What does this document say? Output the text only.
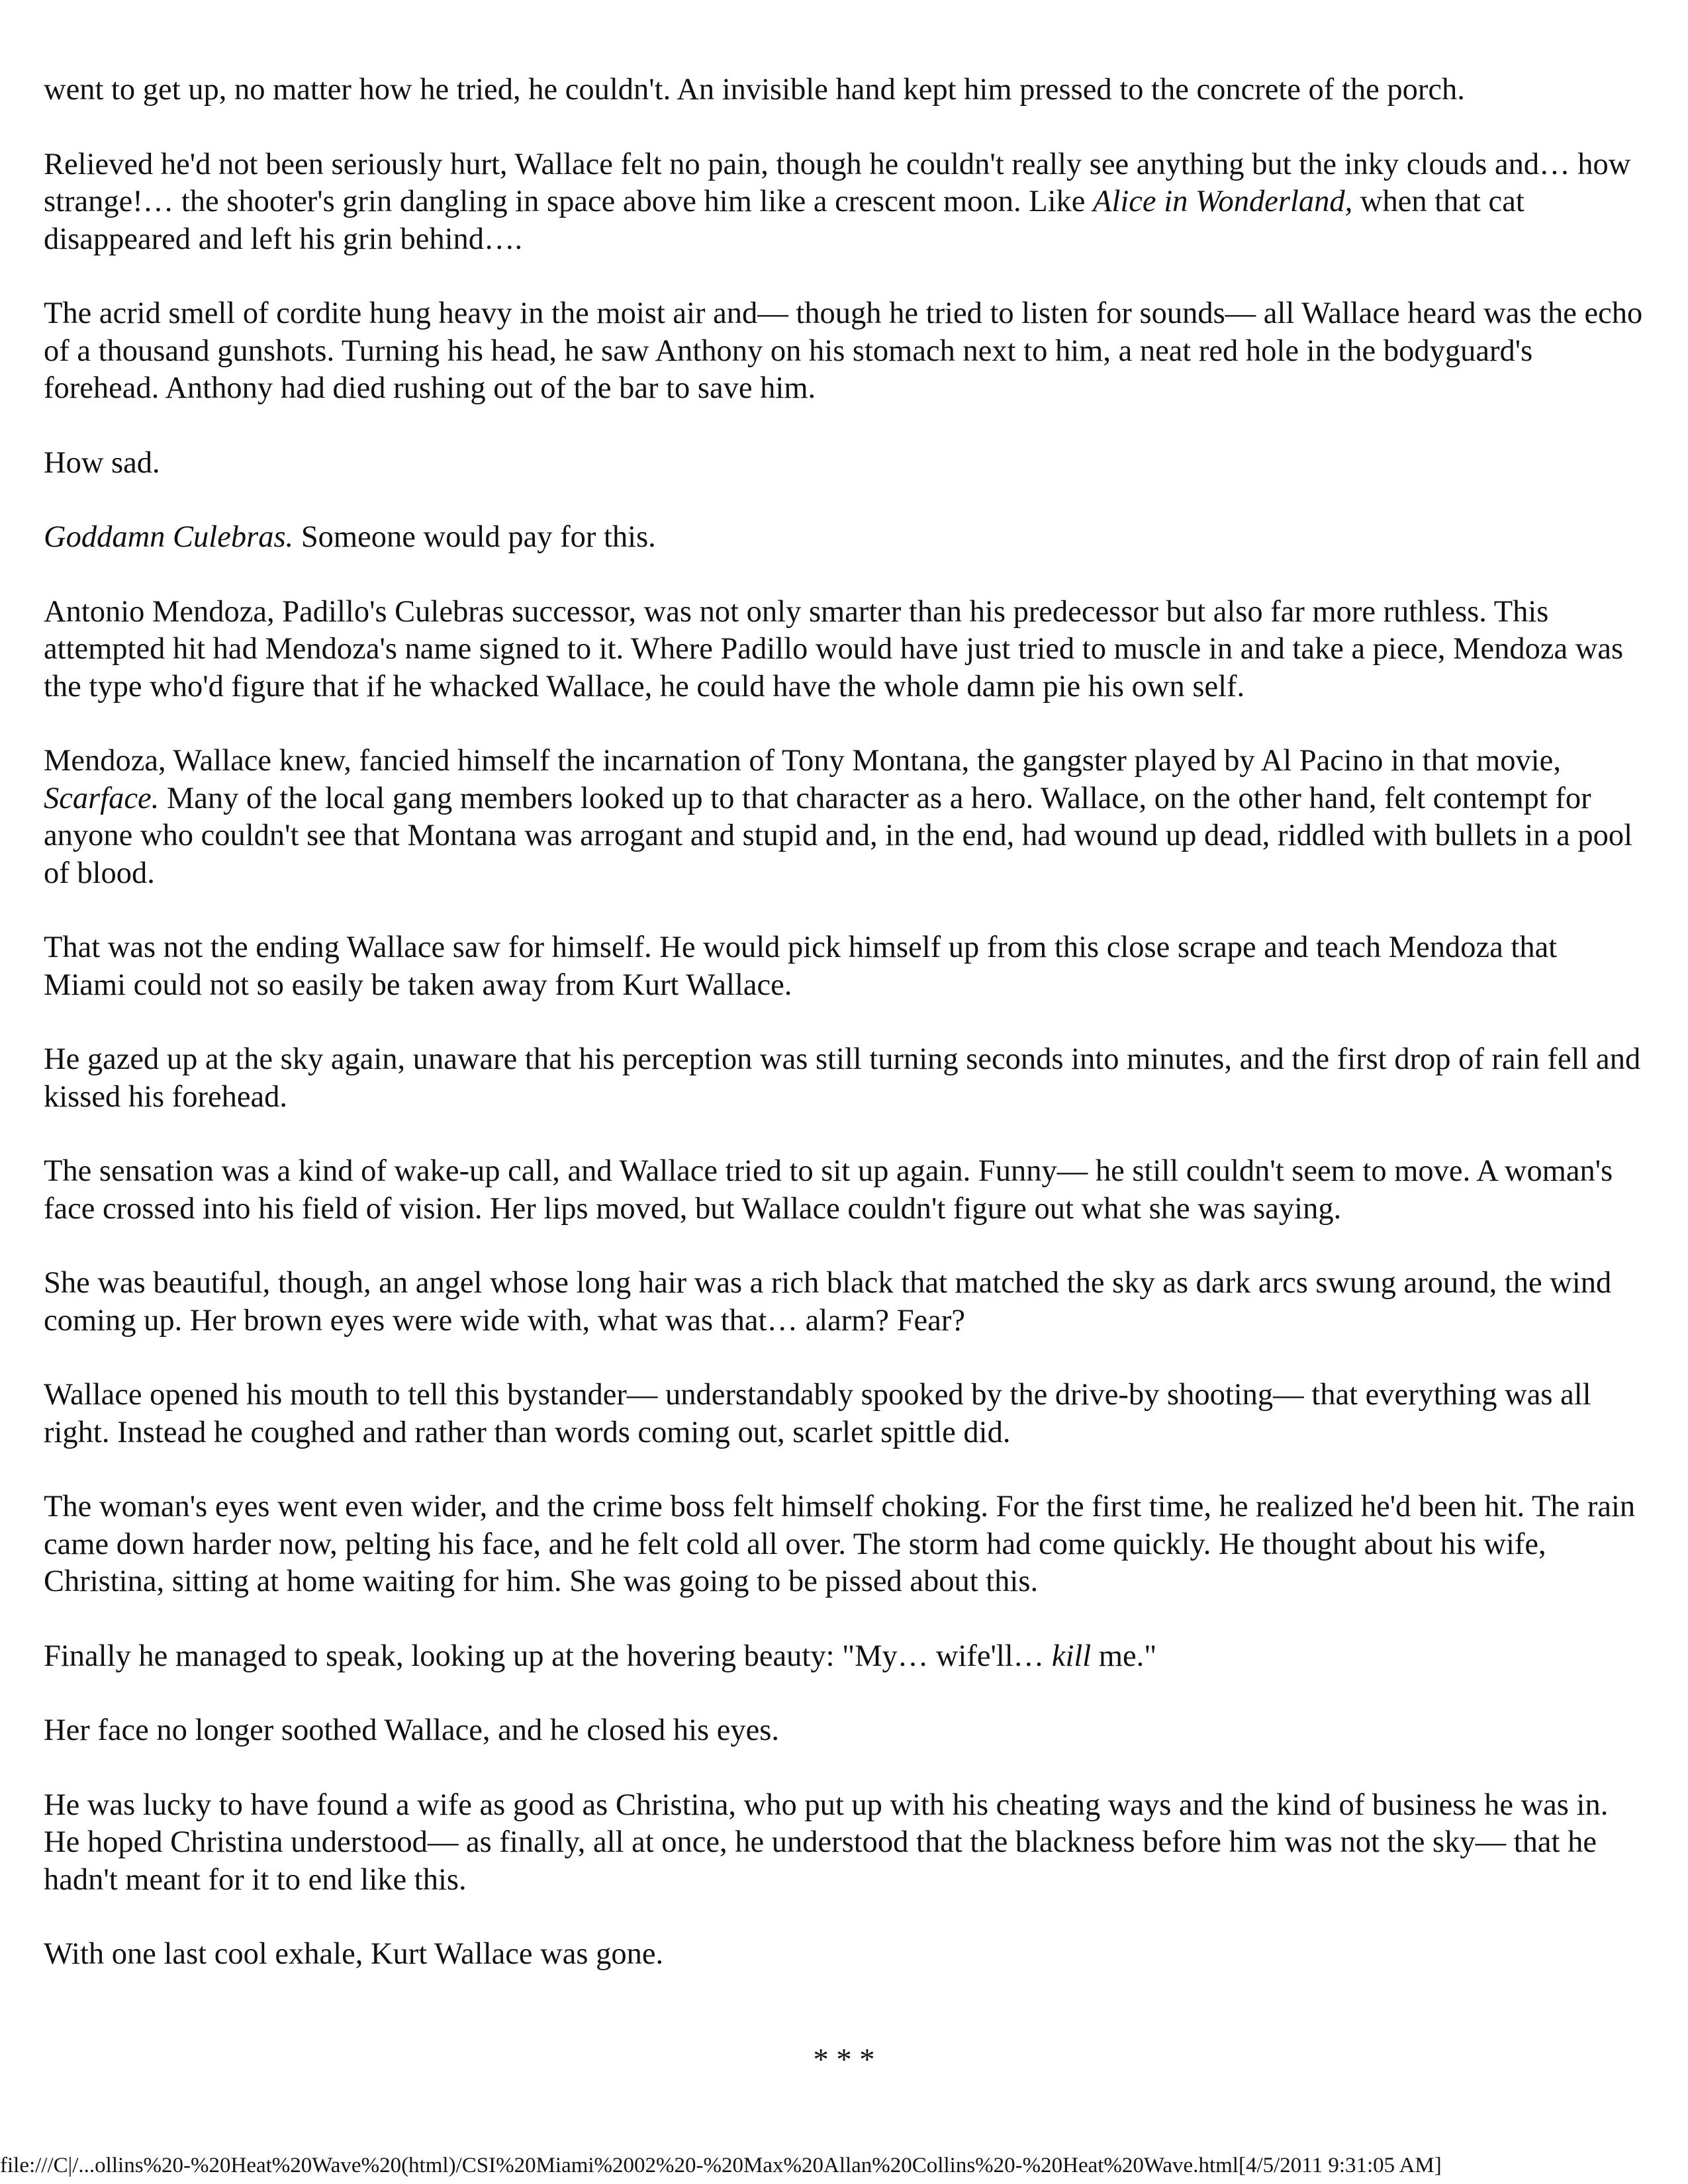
went to get up, no matter how he tried, he couldn't. An invisible hand kept him pressed to the concrete of the porch.

Relieved he'd not been seriously hurt, Wallace felt no pain, though he couldn't really see anything but the inky clouds and… how strange!… the shooter's grin dangling in space above him like a crescent moon. Like Alice in Wonderland, when that cat disappeared and left his grin behind….

The acrid smell of cordite hung heavy in the moist air and— though he tried to listen for sounds— all Wallace heard was the echo of a thousand gunshots. Turning his head, he saw Anthony on his stomach next to him, a neat red hole in the bodyguard's forehead. Anthony had died rushing out of the bar to save him.

How sad.

Goddamn Culebras. Someone would pay for this.

Antonio Mendoza, Padillo's Culebras successor, was not only smarter than his predecessor but also far more ruthless. This attempted hit had Mendoza's name signed to it. Where Padillo would have just tried to muscle in and take a piece, Mendoza was the type who'd figure that if he whacked Wallace, he could have the whole damn pie his own self.

Mendoza, Wallace knew, fancied himself the incarnation of Tony Montana, the gangster played by Al Pacino in that movie, Scarface. Many of the local gang members looked up to that character as a hero. Wallace, on the other hand, felt contempt for anyone who couldn't see that Montana was arrogant and stupid and, in the end, had wound up dead, riddled with bullets in a pool of blood.

That was not the ending Wallace saw for himself. He would pick himself up from this close scrape and teach Mendoza that Miami could not so easily be taken away from Kurt Wallace.

He gazed up at the sky again, unaware that his perception was still turning seconds into minutes, and the first drop of rain fell and kissed his forehead.

The sensation was a kind of wake-up call, and Wallace tried to sit up again. Funny— he still couldn't seem to move. A woman's face crossed into his field of vision. Her lips moved, but Wallace couldn't figure out what she was saying.

She was beautiful, though, an angel whose long hair was a rich black that matched the sky as dark arcs swung around, the wind coming up. Her brown eyes were wide with, what was that… alarm? Fear?

Wallace opened his mouth to tell this bystander— understandably spooked by the drive-by shooting— that everything was all right. Instead he coughed and rather than words coming out, scarlet spittle did.

The woman's eyes went even wider, and the crime boss felt himself choking. For the first time, he realized he'd been hit. The rain came down harder now, pelting his face, and he felt cold all over. The storm had come quickly. He thought about his wife, Christina, sitting at home waiting for him. She was going to be pissed about this.

Finally he managed to speak, looking up at the hovering beauty: "My… wife'll… kill me."

Her face no longer soothed Wallace, and he closed his eyes.

He was lucky to have found a wife as good as Christina, who put up with his cheating ways and the kind of business he was in. He hoped Christina understood— as finally, all at once, he understood that the blackness before him was not the sky— that he hadn't meant for it to end like this.

With one last cool exhale, Kurt Wallace was gone.

* * *
file:///C|/...ollins%20-%20Heat%20Wave%20(html)/CSI%20Miami%2002%20-%20Max%20Allan%20Collins%20-%20Heat%20Wave.html[4/5/2011 9:31:05 AM]
